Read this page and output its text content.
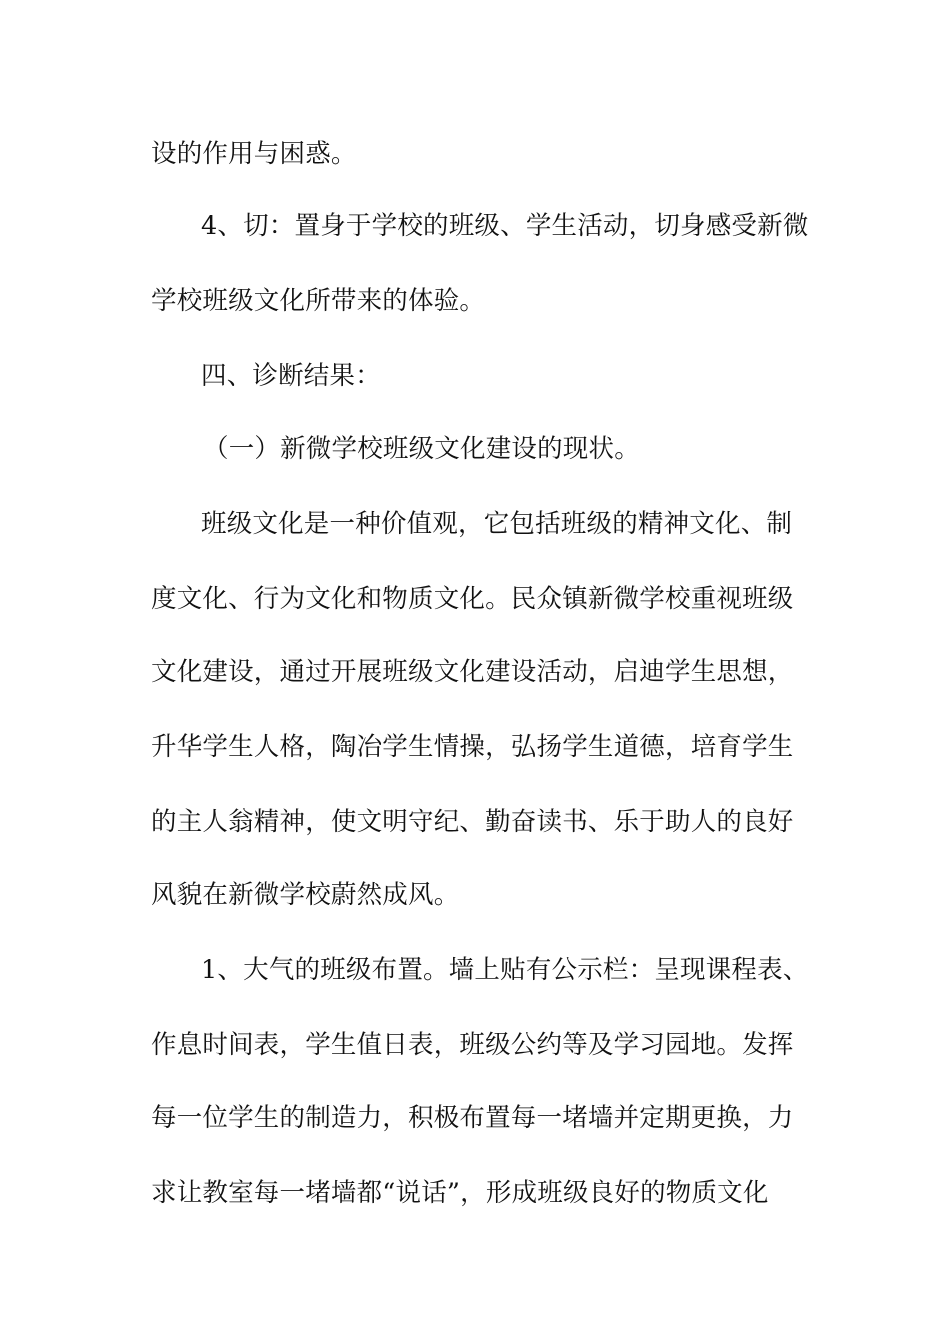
设的作用与困惑。
4、切：置身于学校的班级、学生活动，切身感受新微
学校班级文化所带来的体验。
四、诊断结果：
（一）新微学校班级文化建设的现状。
班级文化是一种价值观，它包括班级的精神文化、制
度文化、行为文化和物质文化。民众镇新微学校重视班级
文化建设，通过开展班级文化建设活动，启迪学生思想，
升华学生人格，陶冶学生情操，弘扬学生道德，培育学生
的主人翁精神，使文明守纪、勤奋读书、乐于助人的良好
风貌在新微学校蔚然成风。
1、大气的班级布置。墙上贴有公示栏：呈现课程表、
作息时间表，学生值日表，班级公约等及学习园地。发挥
每一位学生的制造力，积极布置每一堵墙并定期更换，力
求让教室每一堵墙都“说话”，形成班级良好的物质文化
